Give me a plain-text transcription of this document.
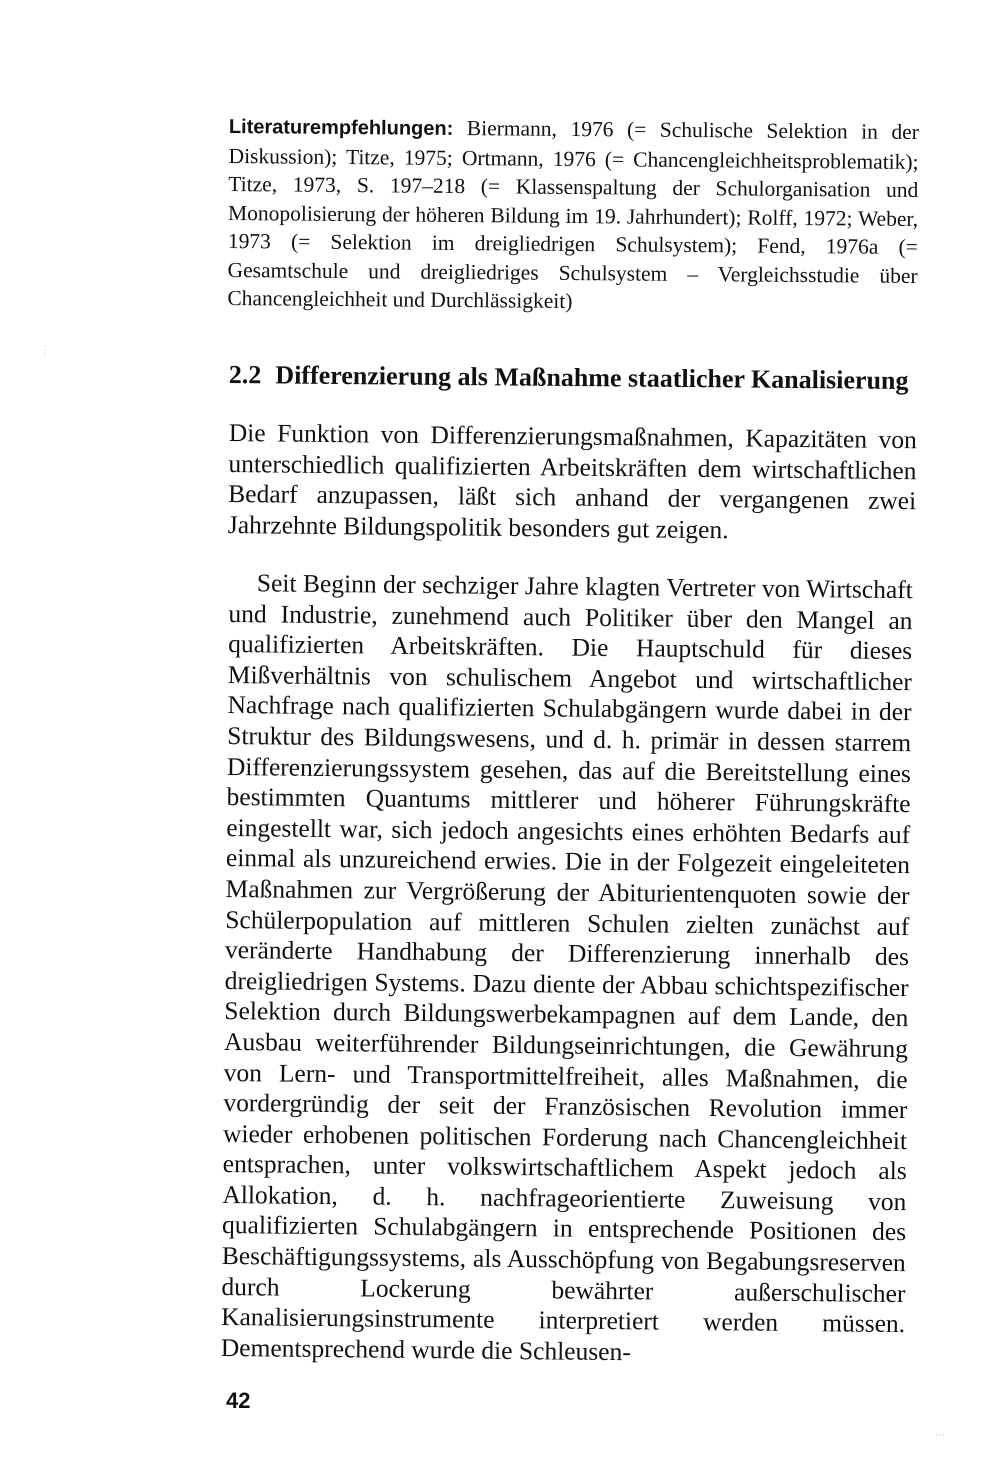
Literaturempfehlungen: Biermann, 1976 (= Schulische Selektion in der Diskussion); Titze, 1975; Ortmann, 1976 (= Chancengleichheitsproblematik); Titze, 1973, S. 197–218 (= Klassenspaltung der Schulorganisation und Monopolisierung der höheren Bildung im 19. Jahrhundert); Rolff, 1972; Weber, 1973 (= Selektion im dreigliedrigen Schulsystem); Fend, 1976a (= Gesamtschule und dreigliedriges Schulsystem – Vergleichsstudie über Chancengleichheit und Durchlässigkeit)
2.2 Differenzierung als Maßnahme staatlicher Kanalisierung

Die Funktion von Differenzierungsmaßnahmen, Kapazitäten von unterschiedlich qualifizierten Arbeitskräften dem wirtschaftlichen Bedarf anzupassen, läßt sich anhand der vergangenen zwei Jahrzehnte Bildungspolitik besonders gut zeigen.

Seit Beginn der sechziger Jahre klagten Vertreter von Wirtschaft und Industrie, zunehmend auch Politiker über den Mangel an qualifizierten Arbeitskräften. Die Hauptschuld für dieses Mißverhältnis von schulischem Angebot und wirtschaftlicher Nachfrage nach qualifizierten Schulabgängern wurde dabei in der Struktur des Bildungswesens, und d. h. primär in dessen starrem Differenzierungssystem gesehen, das auf die Bereitstellung eines bestimmten Quantums mittlerer und höherer Führungskräfte eingestellt war, sich jedoch angesichts eines erhöhten Bedarfs auf einmal als unzureichend erwies. Die in der Folgezeit eingeleiteten Maßnahmen zur Vergrößerung der Abiturientenquoten sowie der Schülerpopulation auf mittleren Schulen zielten zunächst auf veränderte Handhabung der Differenzierung innerhalb des dreigliedrigen Systems. Dazu diente der Abbau schichtspezifischer Selektion durch Bildungswerbekampagnen auf dem Lande, den Ausbau weiterführender Bildungseinrichtungen, die Gewährung von Lern- und Transportmittelfreiheit, alles Maßnahmen, die vordergründig der seit der Französischen Revolution immer wieder erhobenen politischen Forderung nach Chancengleichheit entsprachen, unter volkswirtschaftlichem Aspekt jedoch als Allokation, d. h. nachfrageorientierte Zuweisung von qualifizierten Schulabgängern in entsprechende Positionen des Beschäftigungssystems, als Ausschöpfung von Begabungsreserven durch Lockerung bewährter außerschulischer Kanalisierungsinstrumente interpretiert werden müssen. Dementsprechend wurde die Schleusen-

42
⋮
⋯
